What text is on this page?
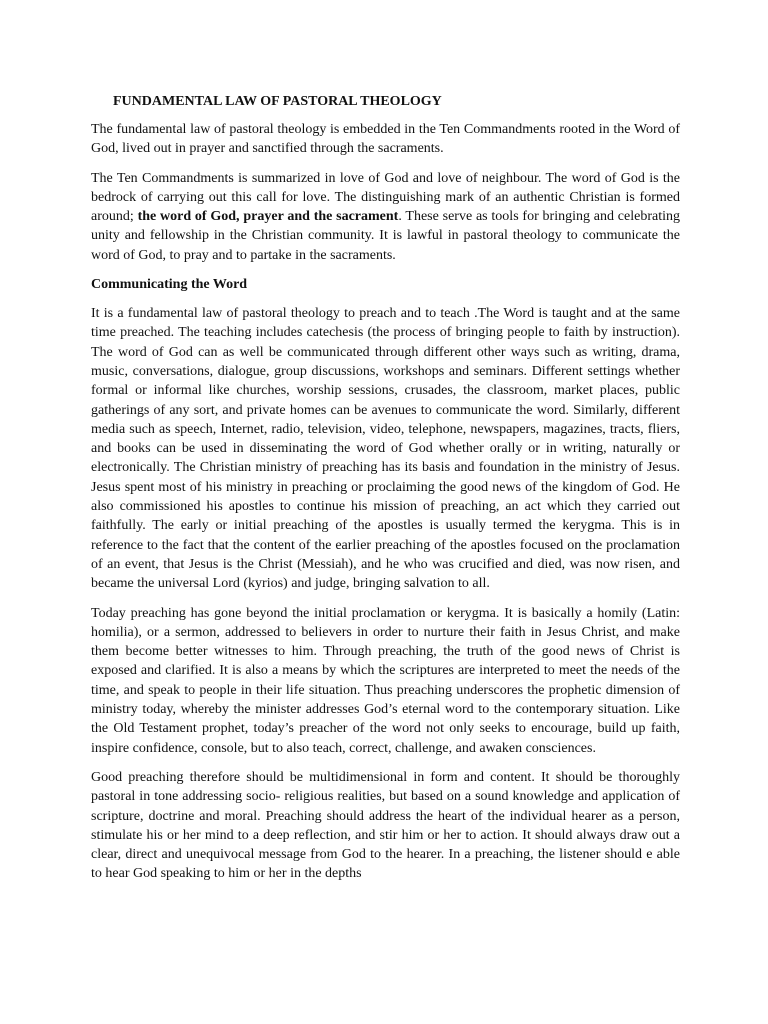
FUNDAMENTAL LAW OF PASTORAL THEOLOGY

The fundamental law of pastoral theology is embedded in the Ten Commandments rooted in the Word of God, lived out in prayer and sanctified through the sacraments.

The Ten Commandments is summarized in love of God and love of neighbour. The word of God is the bedrock of carrying out this call for love. The distinguishing mark of an authentic Christian is formed around; the word of God, prayer and the sacrament. These serve as tools for bringing and celebrating unity and fellowship in the Christian community. It is lawful in pastoral theology to communicate the word of God, to pray and to partake in the sacraments.

Communicating the Word

It is a fundamental law of pastoral theology to preach and to teach .The Word is taught and at the same time preached. The teaching includes catechesis (the process of bringing people to faith by instruction). The word of God can as well be communicated through different other ways such as writing, drama, music, conversations, dialogue, group discussions, workshops and seminars. Different settings whether formal or informal like churches, worship sessions, crusades, the classroom, market places, public gatherings of any sort, and private homes can be avenues to communicate the word. Similarly, different media such as speech, Internet, radio, television, video, telephone, newspapers, magazines, tracts, fliers, and books can be used in disseminating the word of God whether orally or in writing, naturally or electronically. The Christian ministry of preaching has its basis and foundation in the ministry of Jesus. Jesus spent most of his ministry in preaching or proclaiming the good news of the kingdom of God. He also commissioned his apostles to continue his mission of preaching, an act which they carried out faithfully. The early or initial preaching of the apostles is usually termed the kerygma. This is in reference to the fact that the content of the earlier preaching of the apostles focused on the proclamation of an event, that Jesus is the Christ (Messiah), and he who was crucified and died, was now risen, and became the universal Lord (kyrios) and judge, bringing salvation to all.

Today preaching has gone beyond the initial proclamation or kerygma. It is basically a homily (Latin: homilia), or a sermon, addressed to believers in order to nurture their faith in Jesus Christ, and make them become better witnesses to him. Through preaching, the truth of the good news of Christ is exposed and clarified. It is also a means by which the scriptures are interpreted to meet the needs of the time, and speak to people in their life situation. Thus preaching underscores the prophetic dimension of ministry today, whereby the minister addresses God’s eternal word to the contemporary situation. Like the Old Testament prophet, today’s preacher of the word not only seeks to encourage, build up faith, inspire confidence, console, but to also teach, correct, challenge, and awaken consciences.

Good preaching therefore should be multidimensional in form and content. It should be thoroughly pastoral in tone addressing socio- religious realities, but based on a sound knowledge and application of scripture, doctrine and moral. Preaching should address the heart of the individual hearer as a person, stimulate his or her mind to a deep reflection, and stir him or her to action. It should always draw out a clear, direct and unequivocal message from God to the hearer. In a preaching, the listener should e able to hear God speaking to him or her in the depths
